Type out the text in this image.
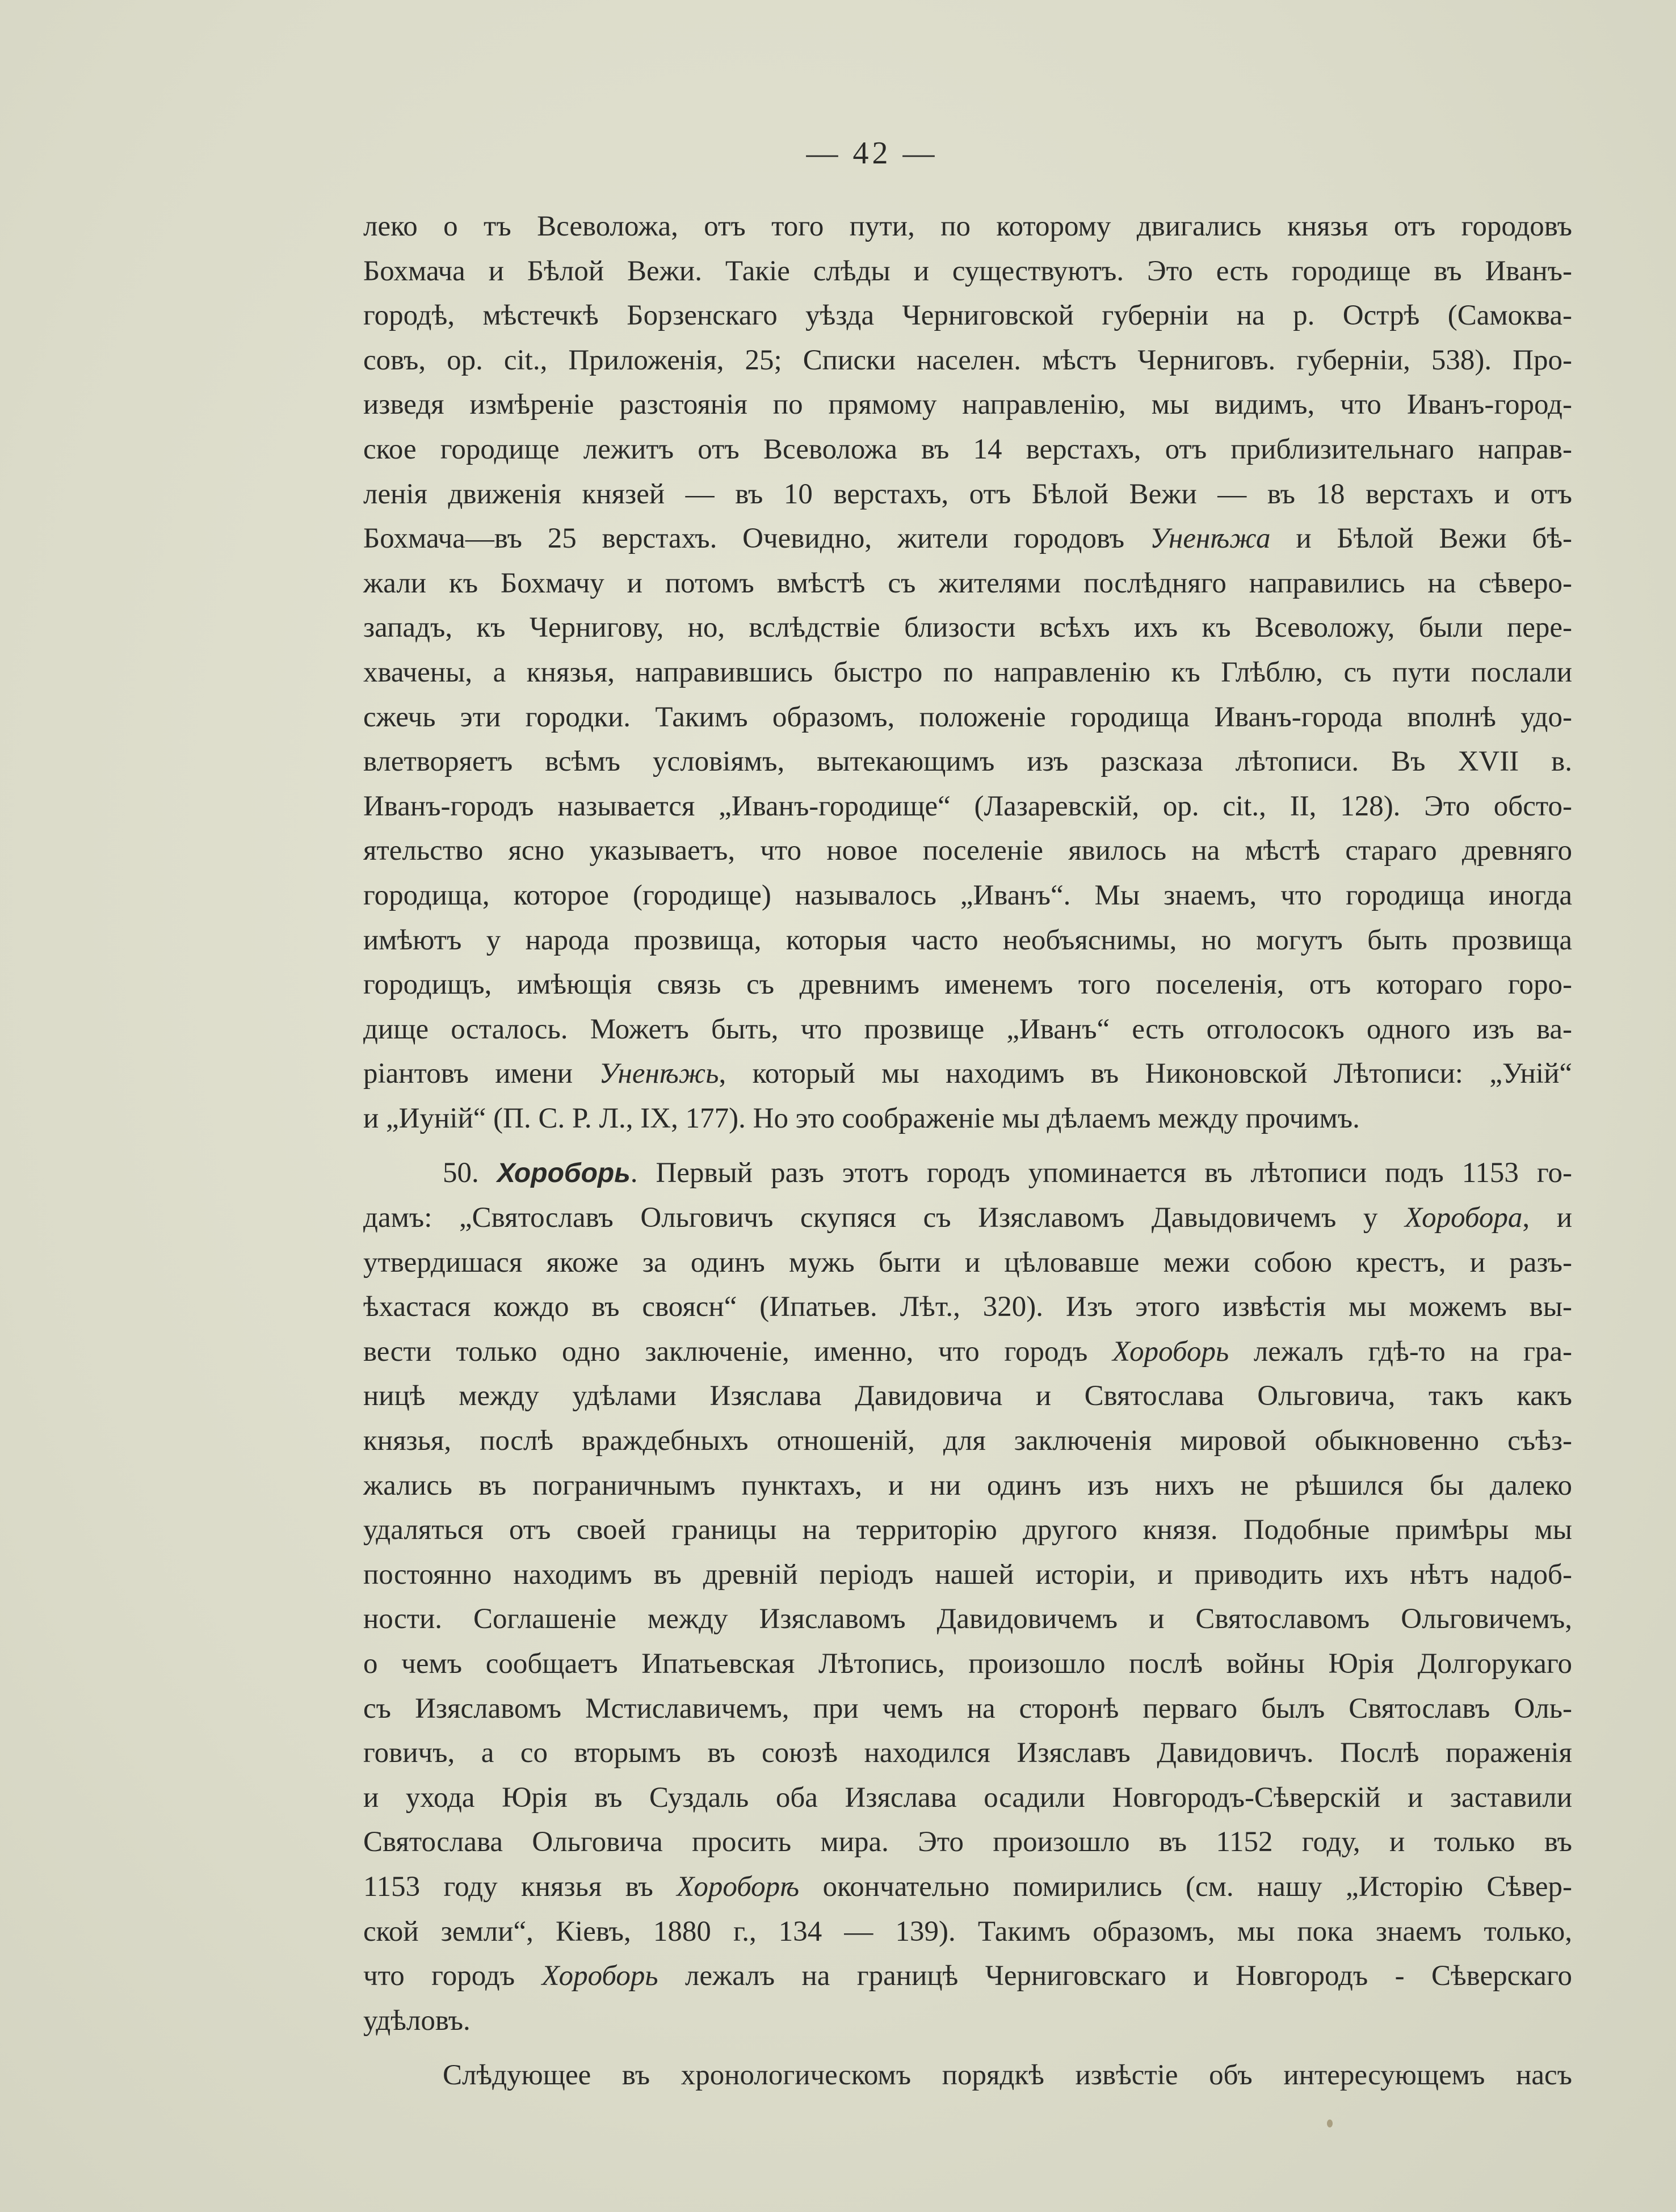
— 42 —
леко о тъ Всеволожа, отъ того пути, по которому двигались князья отъ городовъ
Бохмача и Бѣлой Вежи. Такіе слѣды и существуютъ. Это есть городище въ Иванъ-
городѣ, мѣстечкѣ Борзенскаго уѣзда Черниговской губерніи на р. Острѣ (Самоква-
совъ, op. cit., Приложенія, 25; Списки населен. мѣстъ Черниговъ. губерніи, 538). Про-
изведя измѣреніе разстоянія по прямому направленію, мы видимъ, что Иванъ-город-
ское городище лежитъ отъ Всеволожа въ 14 верстахъ, отъ приблизительнаго направ-
ленія движенія князей — въ 10 верстахъ, отъ Бѣлой Вежи — въ 18 верстахъ и отъ
Бохмача—въ 25 верстахъ. Очевидно, жители городовъ Уненѣжа и Бѣлой Вежи бѣ-
жали къ Бохмачу и потомъ вмѣстѣ съ жителями послѣдняго направились на сѣверо-
западъ, къ Чернигову, но, вслѣдствіе близости всѣхъ ихъ къ Всеволожу, были пере-
хвачены, а князья, направившись быстро по направленію къ Глѣблю, съ пути послали
сжечь эти городки. Такимъ образомъ, положеніе городища Иванъ-города вполнѣ удо-
влетворяетъ всѣмъ условіямъ, вытекающимъ изъ разсказа лѣтописи. Въ XVII в.
Иванъ-городъ называется „Иванъ-городище“ (Лазаревскій, op. cit., II, 128). Это обсто-
ятельство ясно указываетъ, что новое поселеніе явилось на мѣстѣ стараго древняго
городища, которое (городище) называлось „Иванъ“. Мы знаемъ, что городища иногда
имѣютъ у народа прозвища, которыя часто необъяснимы, но могутъ быть прозвища
городищъ, имѣющія связь съ древнимъ именемъ того поселенія, отъ котораго горо-
дище осталось. Можетъ быть, что прозвище „Иванъ“ есть отголосокъ одного изъ ва-
ріантовъ имени Уненѣжь, который мы находимъ въ Никоновской Лѣтописи: „Уній“
и „Иуній“ (П. С. Р. Л., IX, 177). Но это соображеніе мы дѣлаемъ между прочимъ.
50. Хороборь. Первый разъ этотъ городъ упоминается въ лѣтописи подъ 1153 го-
дамъ: „Святославъ Ольговичъ скупяся съ Изяславомъ Давыдовичемъ у Хоробора, и
утвердишася якоже за одинъ мужь быти и цѣловавше межи собою крестъ, и разъ-
ѣхастася кождо въ своясн“ (Ипатьев. Лѣт., 320). Изъ этого извѣстія мы можемъ вы-
вести только одно заключеніе, именно, что городъ Хороборь лежалъ гдѣ-то на гра-
ницѣ между удѣлами Изяслава Давидовича и Святослава Ольговича, такъ какъ
князья, послѣ враждебныхъ отношеній, для заключенія мировой обыкновенно съѣз-
жались въ пограничнымъ пунктахъ, и ни одинъ изъ нихъ не рѣшился бы далеко
удаляться отъ своей границы на территорію другого князя. Подобные примѣры мы
постоянно находимъ въ древній періодъ нашей исторіи, и приводить ихъ нѣтъ надоб-
ности. Соглашеніе между Изяславомъ Давидовичемъ и Святославомъ Ольговичемъ,
о чемъ сообщаетъ Ипатьевская Лѣтопись, произошло послѣ войны Юрія Долгорукаго
съ Изяславомъ Мстиславичемъ, при чемъ на сторонѣ перваго былъ Святославъ Оль-
говичъ, а со вторымъ въ союзѣ находился Изяславъ Давидовичъ. Послѣ пораженія
и ухода Юрія въ Суздаль оба Изяслава осадили Новгородъ-Сѣверскій и заставили
Святослава Ольговича просить мира. Это произошло въ 1152 году, и только въ
1153 году князья въ Хороборѣ окончательно помирились (см. нашу „Исторію Сѣвер-
ской земли“, Кіевъ, 1880 г., 134 — 139). Такимъ образомъ, мы пока знаемъ только,
что городъ Хороборь лежалъ на границѣ Черниговскаго и Новгородъ - Сѣверскаго
удѣловъ.
Слѣдующее въ хронологическомъ порядкѣ извѣстіе объ интересующемъ насъ
